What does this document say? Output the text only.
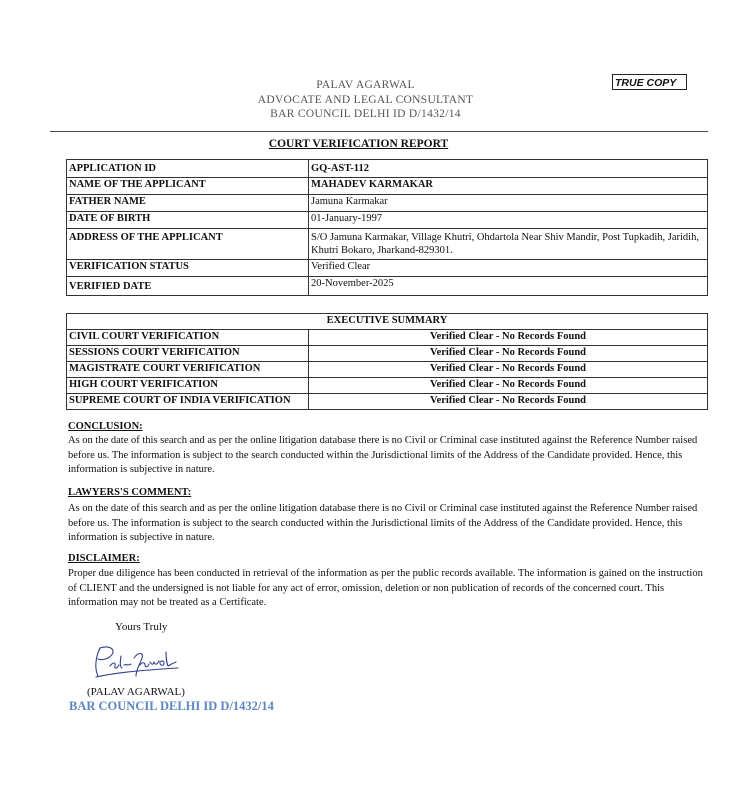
PALAV AGARWAL
ADVOCATE AND LEGAL CONSULTANT
BAR COUNCIL DELHI ID D/1432/14
TRUE COPY
COURT VERIFICATION REPORT
APPLICATION ID	GQ-AST-112
NAME OF THE APPLICANT	MAHADEV KARMAKAR
FATHER NAME	Jamuna Karmakar
DATE OF BIRTH	01-January-1997
ADDRESS OF THE APPLICANT	S/O Jamuna Karmakar, Village Khutri, Ohdartola Near Shiv Mandir, Post Tupkadih, Jaridih, Khutri Bokaro, Jharkand-829301.
VERIFICATION STATUS	Verified Clear
VERIFIED DATE	20-November-2025
EXECUTIVE SUMMARY	
CIVIL COURT VERIFICATION	Verified Clear - No Records Found
SESSIONS COURT VERIFICATION	Verified Clear - No Records Found
MAGISTRATE COURT VERIFICATION	Verified Clear - No Records Found
HIGH COURT VERIFICATION	Verified Clear - No Records Found
SUPREME COURT OF INDIA VERIFICATION	Verified Clear - No Records Found
CONCLUSION:
As on the date of this search and as per the online litigation database there is no Civil or Criminal case instituted against the Reference Number raised before us. The information is subject to the search conducted within the Jurisdictional limits of the Address of the Candidate provided. Hence, this information is subjective in nature.
LAWYERS'S COMMENT:
As on the date of this search and as per the online litigation database there is no Civil or Criminal case instituted against the Reference Number raised before us. The information is subject to the search conducted within the Jurisdictional limits of the Address of the Candidate provided. Hence, this information is subjective in nature.
DISCLAIMER:
Proper due diligence has been conducted in retrieval of the information as per the public records available. The information is gained on the instruction of CLIENT and the undersigned is not liable for any act of error, omission, deletion or non publication of records of the concerned court. This information may not be treated as a Certificate.
Yours Truly
(PALAV AGARWAL)
BAR COUNCIL DELHI ID D/1432/14
